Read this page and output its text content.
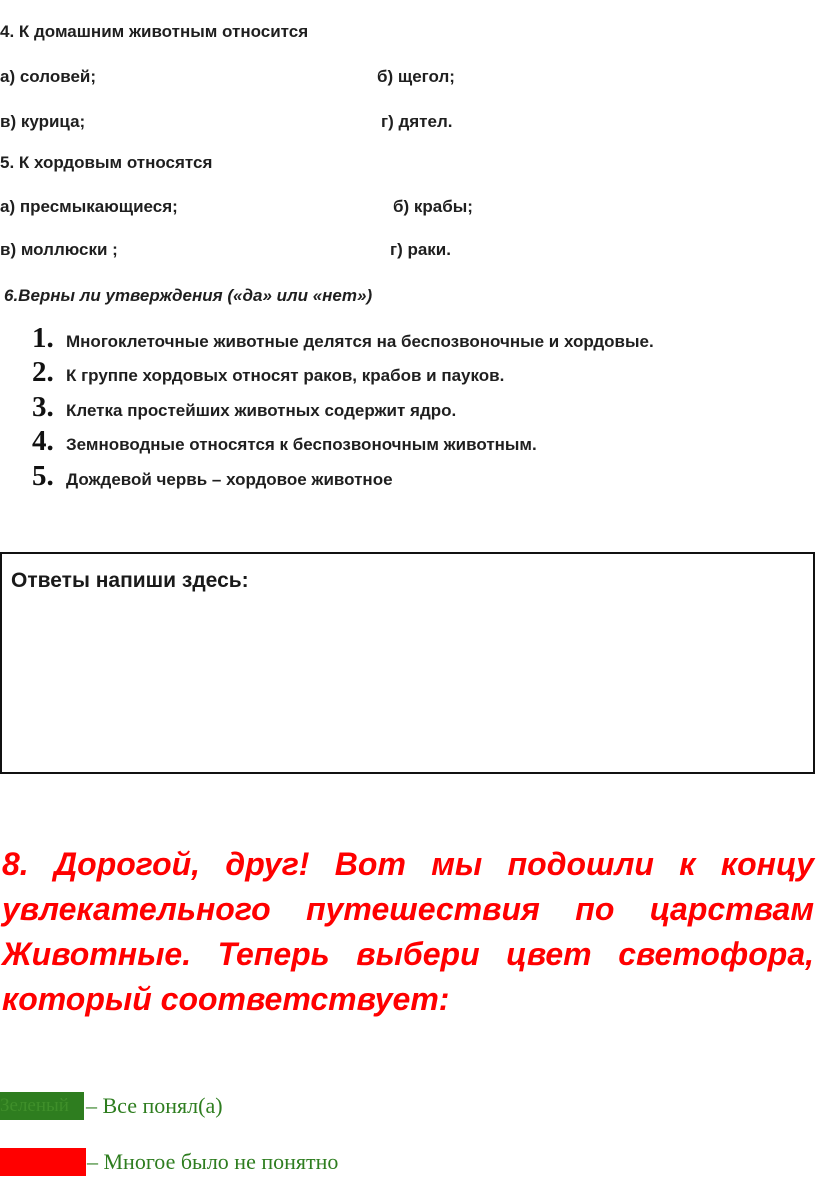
4. К домашним животным относится
а) соловей;	б) щегол;
в) курица;	г) дятел.
5. К хордовым относятся
а) пресмыкающиеся;	б) крабы;
в) моллюски ;	г) раки.
6.Верны ли утверждения («да» или «нет»)
1. Многоклеточные животные делятся на беспозвоночные и хордовые.
2. К группе хордовых относят раков, крабов и пауков.
3. Клетка простейших животных содержит ядро.
4. Земноводные относятся к беспозвоночным животным.
5. Дождевой червь – хордовое животное
Ответы напиши здесь:
8. Дорогой, друг! Вот мы подошли к концу увлекательного путешествия по царствам Животные. Теперь выбери цвет светофора, который соответствует:
Зеленый – Все понял(а)
– Многое было не понятно
